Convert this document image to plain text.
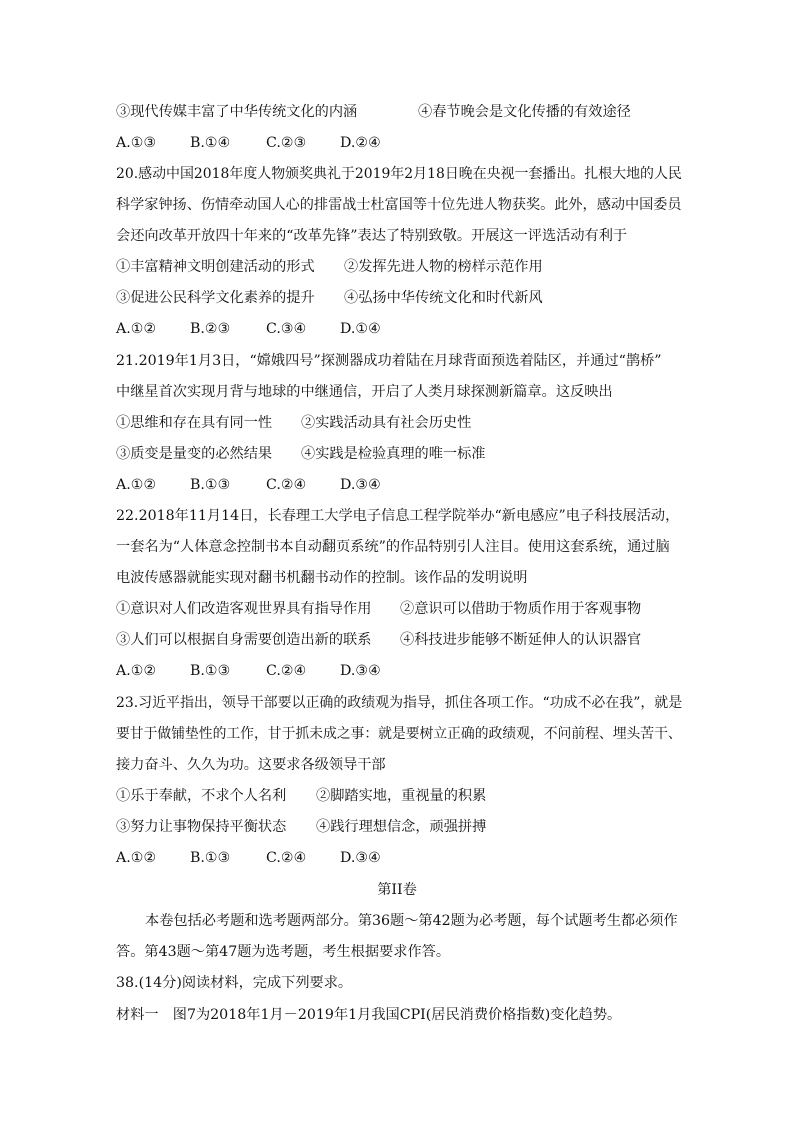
③现代传媒丰富了中华传统文化的内涵	④春节晚会是文化传播的有效途径
A.①③ B.①④	C.②③ D.②④
20.感动中国2018年度人物颁奖典礼于2019年2月18日晚在央视一套播出。扎根大地的人民
科学家钟扬、伤情牵动国人心的排雷战士杜富国等十位先进人物获奖。此外，感动中国委员
会还向改革开放四十年来的“改革先锋”表达了特别致敬。开展这一评选活动有利于
①丰富精神文明创建活动的形式 ②发挥先进人物的榜样示范作用
③促进公民科学文化素养的提升 ④弘扬中华传统文化和时代新风
A.①② B.②③	C.③④ D.①④
21.2019年1月3日，“嫦娥四号”探测器成功着陆在月球背面预选着陆区，并通过“鹊桥”
中继星首次实现月背与地球的中继通信，开启了人类月球探测新篇章。这反映出
①思维和存在具有同一性 ②实践活动具有社会历史性
③质变是量变的必然结果 ④实践是检验真理的唯一标准
A.①② B.①③	C.②④ D.③④
22.2018年11月14日，长春理工大学电子信息工程学院举办“新电感应”电子科技展活动，
一套名为“人体意念控制书本自动翻页系统”的作品特别引人注目。使用这套系统，通过脑
电波传感器就能实现对翻书机翻书动作的控制。该作品的发明说明
①意识对人们改造客观世界具有指导作用 ②意识可以借助于物质作用于客观事物
③人们可以根据自身需要创造出新的联系 ④科技进步能够不断延伸人的认识器官
A.①② B.①③	C.②④ D.③④
23.习近平指出，领导干部要以正确的政绩观为指导，抓住各项工作。“功成不必在我”，就是
要甘于做铺垫性的工作，甘于抓未成之事：就是要树立正确的政绩观，不问前程、埋头苦干、
接力奋斗、久久为功。这要求各级领导干部
①乐于奉献，不求个人名利 ②脚踏实地，重视量的积累
③努力让事物保持平衡状态 ④践行理想信念，顽强拼搏
A.①② B.①③	C.②④ D.③④
第II卷
本卷包括必考题和选考题两部分。第36题～第42题为必考题，每个试题考生都必须作
答。第43题～第47题为选考题，考生根据要求作答。
38.(14分)阅读材料，完成下列要求。
材料一　图7为2018年1月－2019年1月我国CPI(居民消费价格指数)变化趋势。
